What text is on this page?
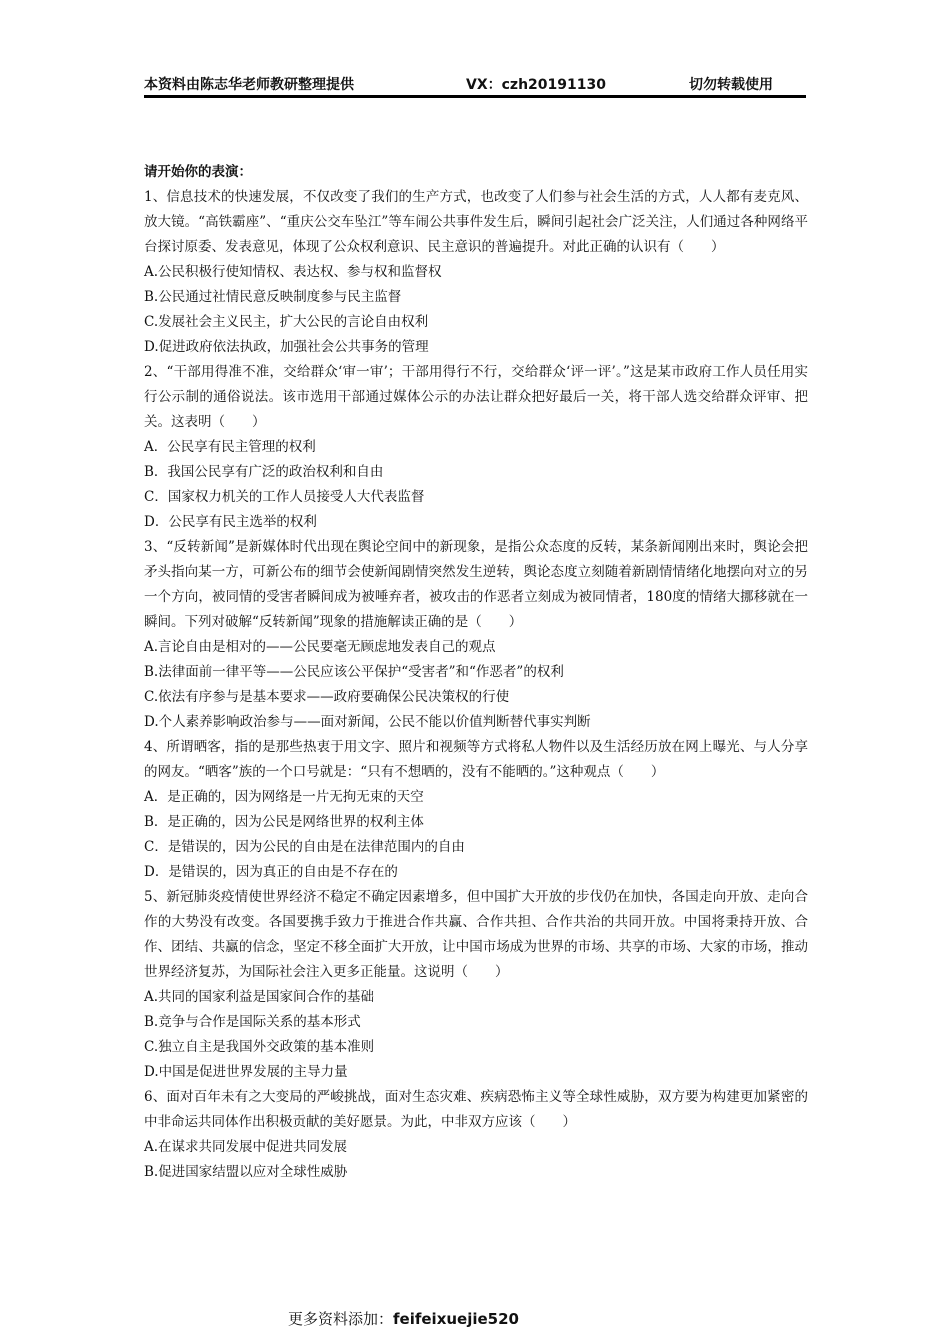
本资料由陈志华老师教研整理提供	VX：czh20191130	切勿转载使用

请开始你的表演：

1、信息技术的快速发展，不仅改变了我们的生产方式，也改变了人们参与社会生活的方式，人人都有麦克风、放大镜。“高铁霸座”、“重庆公交车坠江”等车闹公共事件发生后，瞬间引起社会广泛关注，人们通过各种网络平台探讨原委、发表意见，体现了公众权利意识、民主意识的普遍提升。对此正确的认识有（　　）

A.公民积极行使知情权、表达权、参与权和监督权

B.公民通过社情民意反映制度参与民主监督

C.发展社会主义民主，扩大公民的言论自由权利

D.促进政府依法执政，加强社会公共事务的管理

2、“干部用得准不准，交给群众‘审一审’；干部用得行不行，交给群众‘评一评’。”这是某市政府工作人员任用实行公示制的通俗说法。该市选用干部通过媒体公示的办法让群众把好最后一关，将干部人选交给群众评审、把关。这表明（　　）

A．公民享有民主管理的权利

B．我国公民享有广泛的政治权利和自由

C．国家权力机关的工作人员接受人大代表监督

D．公民享有民主选举的权利

3、“反转新闻”是新媒体时代出现在舆论空间中的新现象，是指公众态度的反转，某条新闻刚出来时，舆论会把矛头指向某一方，可新公布的细节会使新闻剧情突然发生逆转，舆论态度立刻随着新剧情情绪化地摆向对立的另一个方向，被同情的受害者瞬间成为被唾弃者，被攻击的作恶者立刻成为被同情者，180度的情绪大挪移就在一瞬间。下列对破解“反转新闻”现象的措施解读正确的是（　　）

A.言论自由是相对的——公民要毫无顾虑地发表自己的观点

B.法律面前一律平等——公民应该公平保护“受害者”和“作恶者”的权利

C.依法有序参与是基本要求——政府要确保公民决策权的行使

D.个人素养影响政治参与——面对新闻，公民不能以价值判断替代事实判断

4、所谓晒客，指的是那些热衷于用文字、照片和视频等方式将私人物件以及生活经历放在网上曝光、与人分享的网友。“晒客”族的一个口号就是：“只有不想晒的，没有不能晒的。”这种观点（　　）

A．是正确的，因为网络是一片无拘无束的天空

B．是正确的，因为公民是网络世界的权利主体

C．是错误的，因为公民的自由是在法律范围内的自由

D．是错误的，因为真正的自由是不存在的

5、新冠肺炎疫情使世界经济不稳定不确定因素增多，但中国扩大开放的步伐仍在加快，各国走向开放、走向合作的大势没有改变。各国要携手致力于推进合作共赢、合作共担、合作共治的共同开放。中国将秉持开放、合作、团结、共赢的信念，坚定不移全面扩大开放，让中国市场成为世界的市场、共享的市场、大家的市场，推动世界经济复苏，为国际社会注入更多正能量。这说明（　　）

A.共同的国家利益是国家间合作的基础

B.竞争与合作是国际关系的基本形式

C.独立自主是我国外交政策的基本准则

D.中国是促进世界发展的主导力量

6、面对百年未有之大变局的严峻挑战，面对生态灾难、疾病恐怖主义等全球性威胁，双方要为构建更加紧密的中非命运共同体作出积极贡献的美好愿景。为此，中非双方应该（　　）

A.在谋求共同发展中促进共同发展

B.促进国家结盟以应对全球性威胁

更多资料添加：feifeixuejie520
